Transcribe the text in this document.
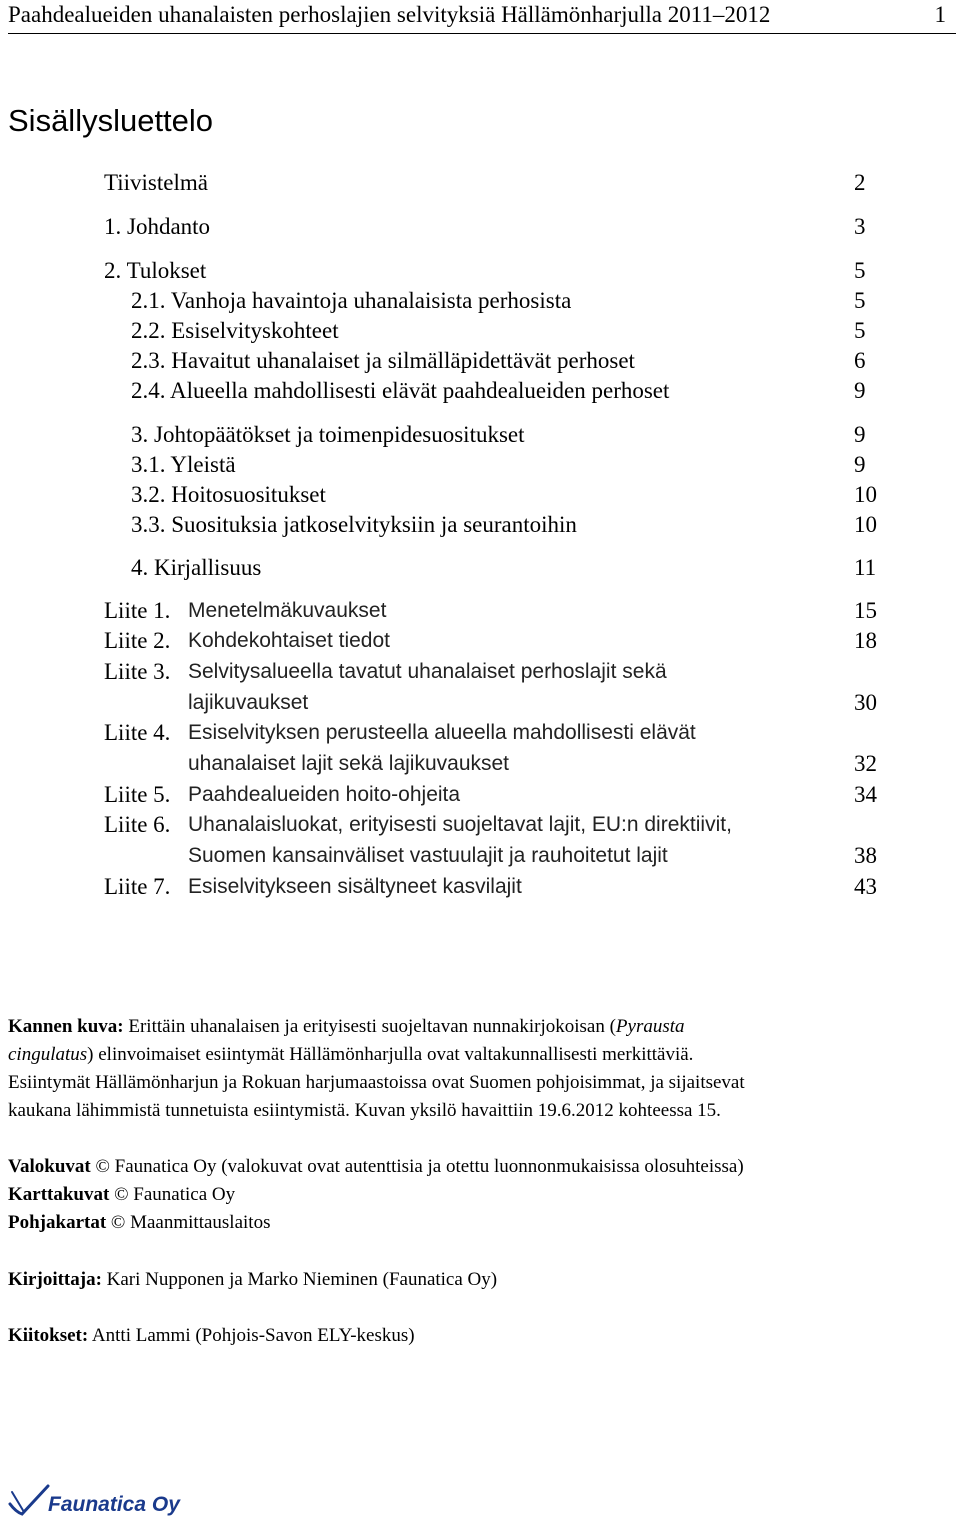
Paahdealueiden uhanalaisten perhoslajien selvityksiä Hällämönharjulla 2011–2012	1
Sisällysluettelo
Tiivistelmä	2
1. Johdanto	3
2. Tulokset	5
2.1. Vanhoja havaintoja uhanalaisista perhosista	5
2.2. Esiselvityskohteet	5
2.3. Havaitut uhanalaiset ja silmälläpidettävät perhoset	6
2.4. Alueella mahdollisesti elävät paahdealueiden perhoset	9
3. Johtopäätökset ja toimenpidesuositukset	9
3.1. Yleistä	9
3.2. Hoitosuositukset	10
3.3. Suosituksia jatkoselvityksiin ja seurantoihin	10
4. Kirjallisuus	11
Liite 1. Menetelmäkuvaukset	15
Liite 2. Kohdekohtaiset tiedot	18
Liite 3. Selvitysalueella tavatut uhanalaiset perhoslajit sekä
lajikuvaukset	30
Liite 4. Esiselvityksen perusteella alueella mahdollisesti elävät
uhanalaiset lajit sekä lajikuvaukset	32
Liite 5. Paahdealueiden hoito-ohjeita	34
Liite 6. Uhanalaisluokat, erityisesti suojeltavat lajit, EU:n direktiivit,
Suomen kansainväliset vastuulajit ja rauhoitetut lajit	38
Liite 7. Esiselvitykseen sisältyneet kasvilajit	43
Kannen kuva: Erittäin uhanalaisen ja erityisesti suojeltavan nunnakirjokoisan (Pyrausta
cingulatus) elinvoimaiset esiintymät Hällämönharjulla ovat valtakunnallisesti merkittäviä.
Esiintymät Hällämönharjun ja Rokuan harjumaastoissa ovat Suomen pohjoisimmat, ja sijaitsevat
kaukana lähimmistä tunnetuista esiintymistä. Kuvan yksilö havaittiin 19.6.2012 kohteessa 15.
Valokuvat © Faunatica Oy (valokuvat ovat autenttisia ja otettu luonnonmukaisissa olosuhteissa)
Karttakuvat © Faunatica Oy
Pohjakartat © Maanmittauslaitos
Kirjoittaja: Kari Nupponen ja Marko Nieminen (Faunatica Oy)
Kiitokset: Antti Lammi (Pohjois-Savon ELY-keskus)
Faunatica Oy
